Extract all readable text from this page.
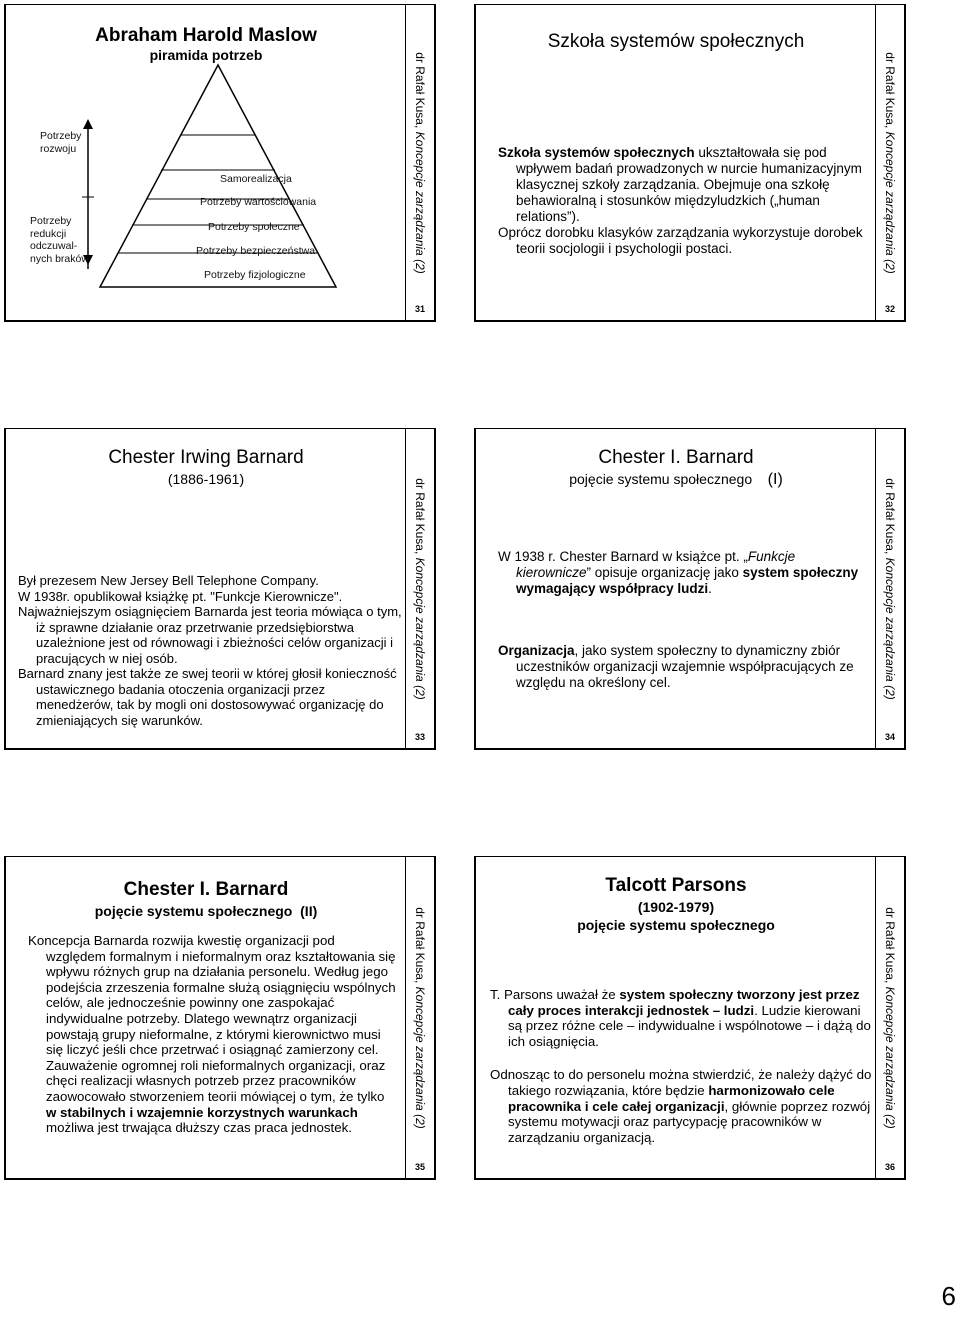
Abraham Harold Maslow
piramida potrzeb
Samorealizacja
Potrzeby wartościowania
Potrzeby społeczne
Potrzeby bezpieczeństwa
Potrzeby fizjologiczne
Potrzeby
rozwoju
Potrzeby
redukcji
odczuwal-
nych braków
dr Rafał Kusa, Koncepcje zarządzania (2)
31
Szkoła systemów społecznych

Szkoła systemów społecznych ukształtowała się pod wpływem badań prowadzonych w nurcie humanizacyjnym klasycznej szkoły zarządzania. Obejmuje ona szkołę behawioralną i stosunków międzyludzkich („human relations”).

Oprócz dorobku klasyków zarządzania wykorzystuje dorobek teorii socjologii i psychologii postaci.

dr Rafał Kusa, Koncepcje zarządzania (2)
32
Chester Irwing Barnard
(1886-1961)

Był prezesem New Jersey Bell Telephone Company.

W 1938r. opublikował książkę pt. "Funkcje Kierownicze".

Najważniejszym osiągnięciem Barnarda jest teoria mówiąca o tym, iż sprawne działanie oraz przetrwanie przedsiębiorstwa uzależnione jest od równowagi i zbieżności celów organizacji i pracujących w niej osób.

Barnard znany jest także ze swej teorii w której głosił konieczność ustawicznego badania otoczenia organizacji przez menedżerów, tak by mogli oni dostosowywać organizację do zmieniających się warunków.

dr Rafał Kusa, Koncepcje zarządzania (2)
33
Chester I. Barnard
pojęcie systemu społecznego (I)

W 1938 r. Chester Barnard w książce pt. „Funkcje kierownicze” opisuje organizację jako system społeczny wymagający współpracy ludzi.

Organizacja, jako system społeczny to dynamiczny zbiór uczestników organizacji wzajemnie współpracujących ze względu na określony cel.

dr Rafał Kusa, Koncepcje zarządzania (2)
34
Chester I. Barnard
pojęcie systemu społecznego (II)

Koncepcja Barnarda rozwija kwestię organizacji pod względem formalnym i nieformalnym oraz kształtowania się wpływu różnych grup na działania personelu. Według jego podejścia zrzeszenia formalne służą osiągnięciu wspólnych celów, ale jednocześnie powinny one zaspokajać indywidualne potrzeby. Dlatego wewnątrz organizacji powstają grupy nieformalne, z którymi kierownictwo musi się liczyć jeśli chce przetrwać i osiągnąć zamierzony cel. Zauważenie ogromnej roli nieformalnych organizacji, oraz chęci realizacji własnych potrzeb przez pracowników zaowocowało stworzeniem teorii mówiącej o tym, że tylko w stabilnych i wzajemnie korzystnych warunkach możliwa jest trwająca dłuższy czas praca jednostek.

dr Rafał Kusa, Koncepcje zarządzania (2)
35
Talcott Parsons
(1902-1979)
pojęcie systemu społecznego

T. Parsons uważał że system społeczny tworzony jest przez cały proces interakcji jednostek – ludzi. Ludzie kierowani są przez różne cele – indywidualne i wspólnotowe – i dążą do ich osiągnięcia.

Odnosząc to do personelu można stwierdzić, że należy dążyć do takiego rozwiązania, które będzie harmonizowało cele pracownika i cele całej organizacji, głównie poprzez rozwój systemu motywacji oraz partycypację pracowników w zarządzaniu organizacją.

dr Rafał Kusa, Koncepcje zarządzania (2)
36
6
